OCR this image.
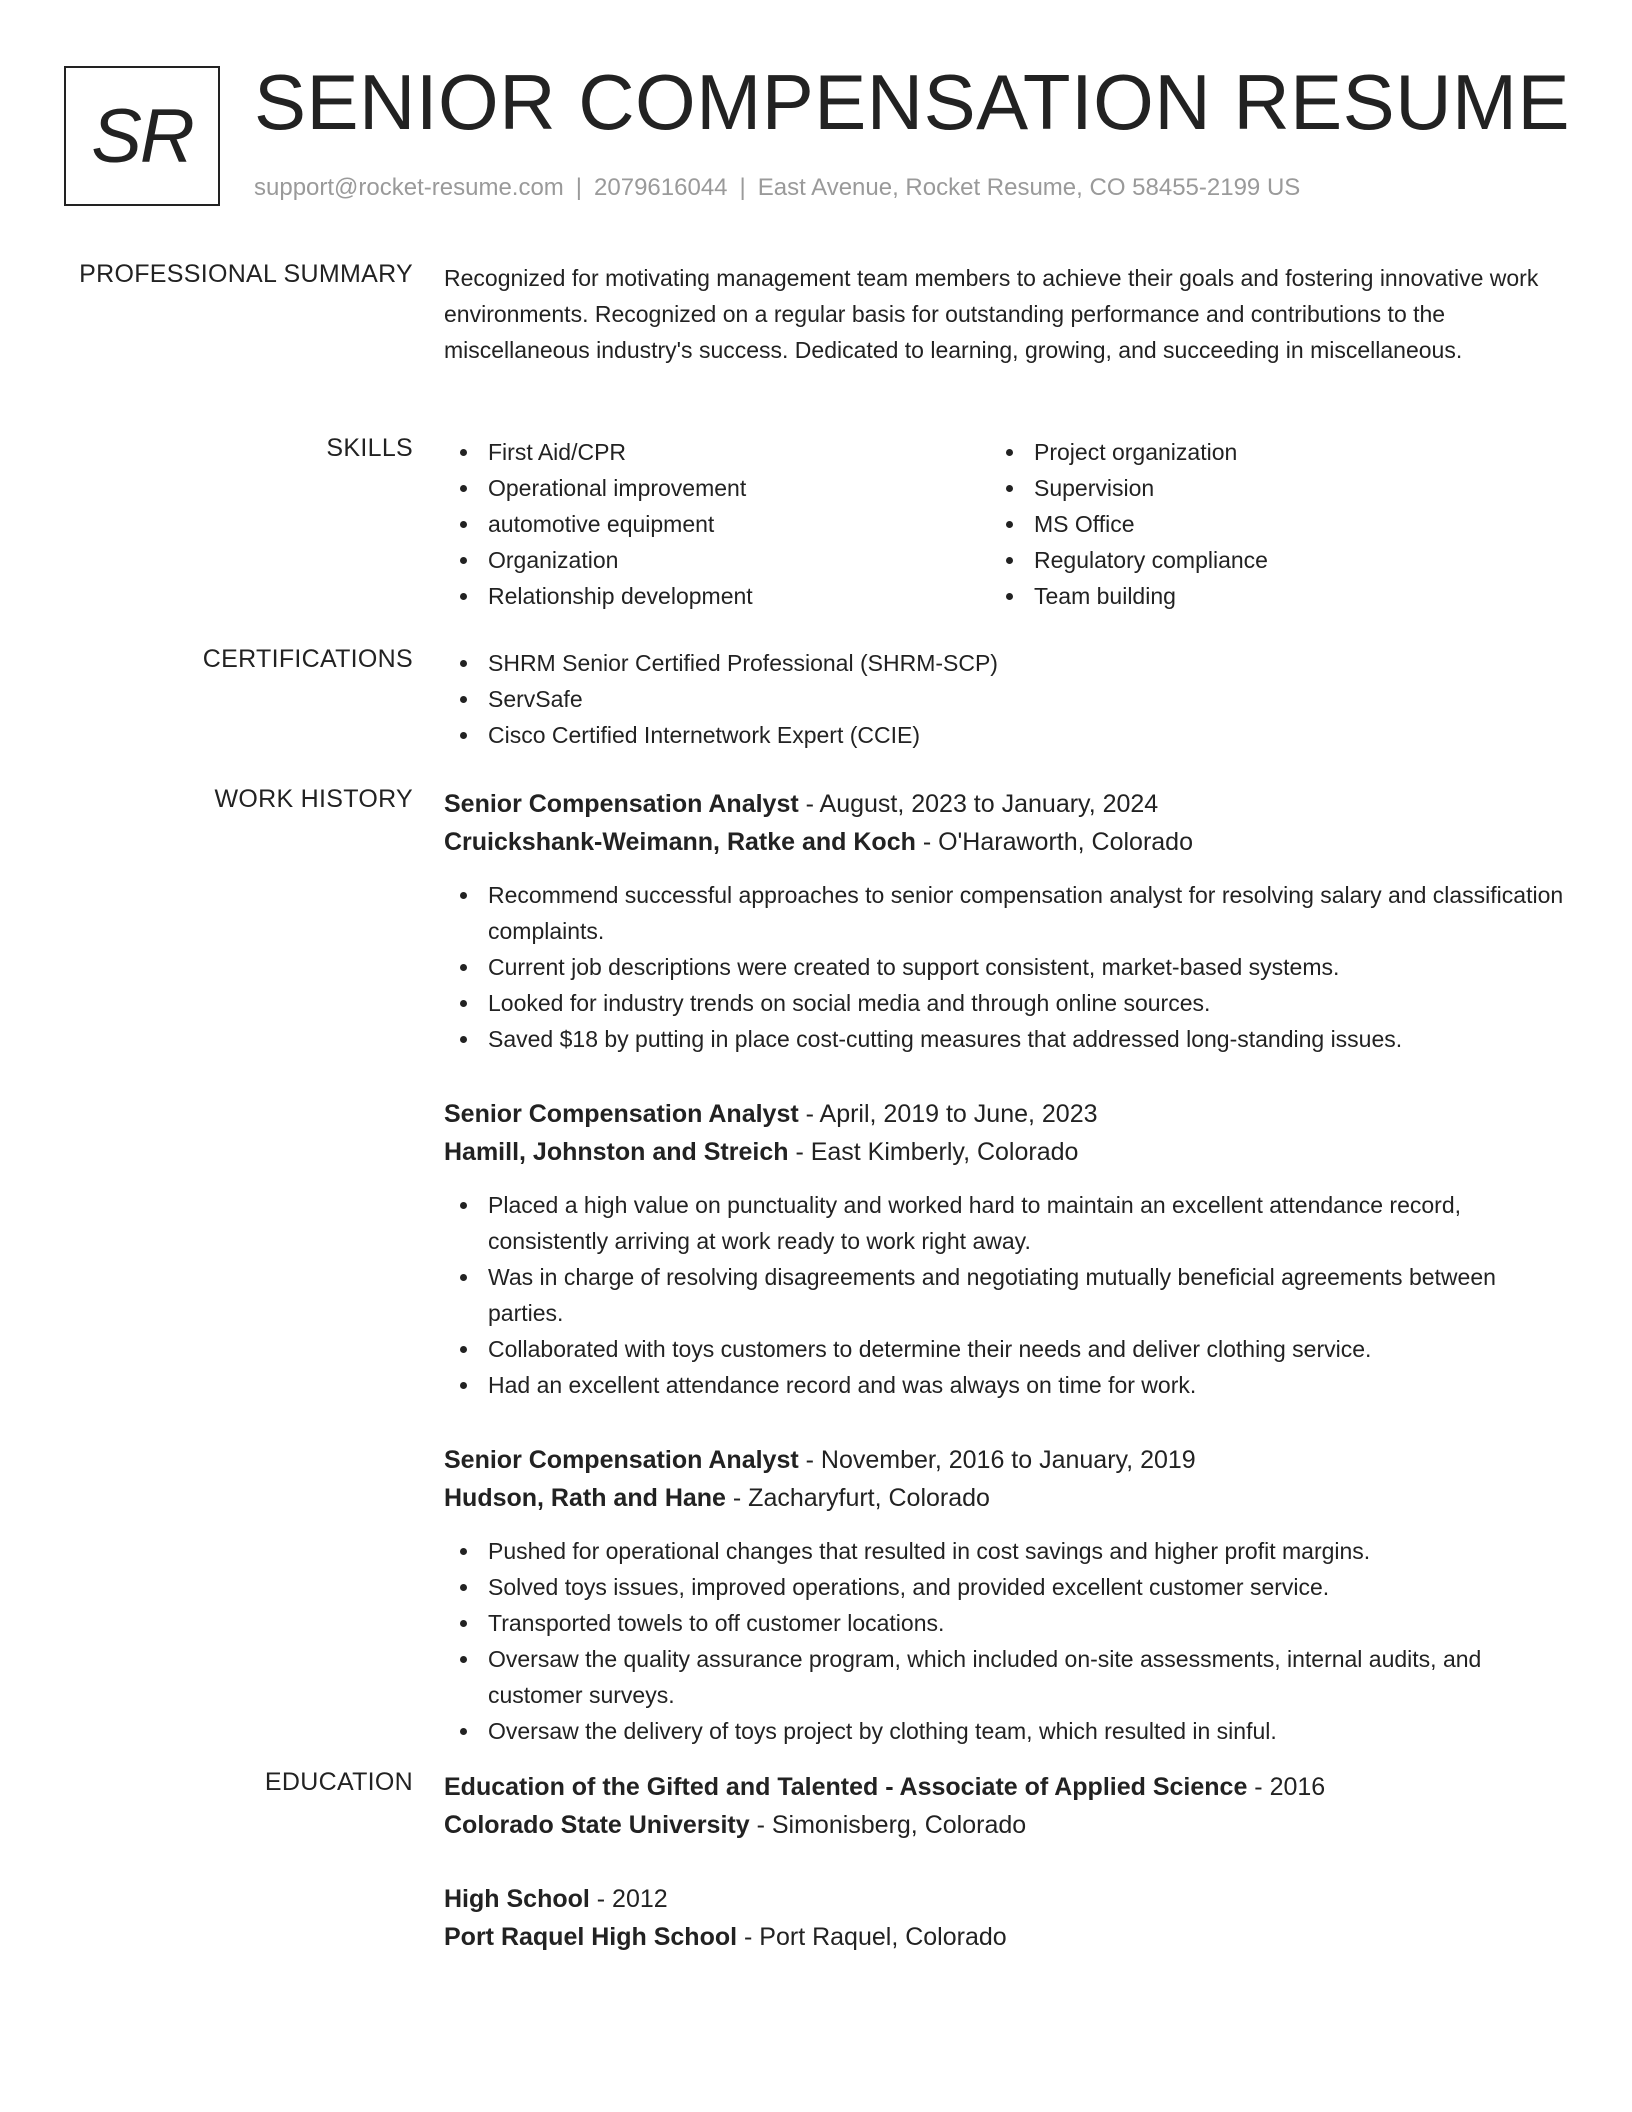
SR SENIOR COMPENSATION RESUME
support@rocket-resume.com | 2079616044 | East Avenue, Rocket Resume, CO 58455-2199 US
PROFESSIONAL SUMMARY Recognized for motivating management team members to achieve their goals and fostering innovative work environments. Recognized on a regular basis for outstanding performance and contributions to the miscellaneous industry's success. Dedicated to learning, growing, and succeeding in miscellaneous.

SKILLS	First Aid/CPR
Operational improvement
automotive equipment
Organization
Relationship development
Project organization
Supervision
MS Office
Regulatory compliance
Team building
CERTIFICATIONS	SHRM Senior Certified Professional (SHRM-SCP)
ServSafe
Cisco Certified Internetwork Expert (CCIE)
WORK HISTORY Senior Compensation Analyst - August, 2023 to January, 2024
Cruickshank-Weimann, Ratke and Koch - O'Haraworth, Colorado
Recommend successful approaches to senior compensation analyst for resolving salary and classification complaints.
Current job descriptions were created to support consistent, market-based systems.
Looked for industry trends on social media and through online sources.
Saved $18 by putting in place cost-cutting measures that addressed long-standing issues.
Senior Compensation Analyst - April, 2019 to June, 2023
Hamill, Johnston and Streich - East Kimberly, Colorado
Placed a high value on punctuality and worked hard to maintain an excellent attendance record, consistently arriving at work ready to work right away.
Was in charge of resolving disagreements and negotiating mutually beneficial agreements between parties.
Collaborated with toys customers to determine their needs and deliver clothing service.
Had an excellent attendance record and was always on time for work.
Senior Compensation Analyst - November, 2016 to January, 2019
Hudson, Rath and Hane - Zacharyfurt, Colorado
Pushed for operational changes that resulted in cost savings and higher profit margins.
Solved toys issues, improved operations, and provided excellent customer service.
Transported towels to off customer locations.
Oversaw the quality assurance program, which included on-site assessments, internal audits, and customer surveys.
Oversaw the delivery of toys project by clothing team, which resulted in sinful.
EDUCATION Education of the Gifted and Talented - Associate of Applied Science - 2016
Colorado State University - Simonisberg, Colorado
High School - 2012
Port Raquel High School - Port Raquel, Colorado
